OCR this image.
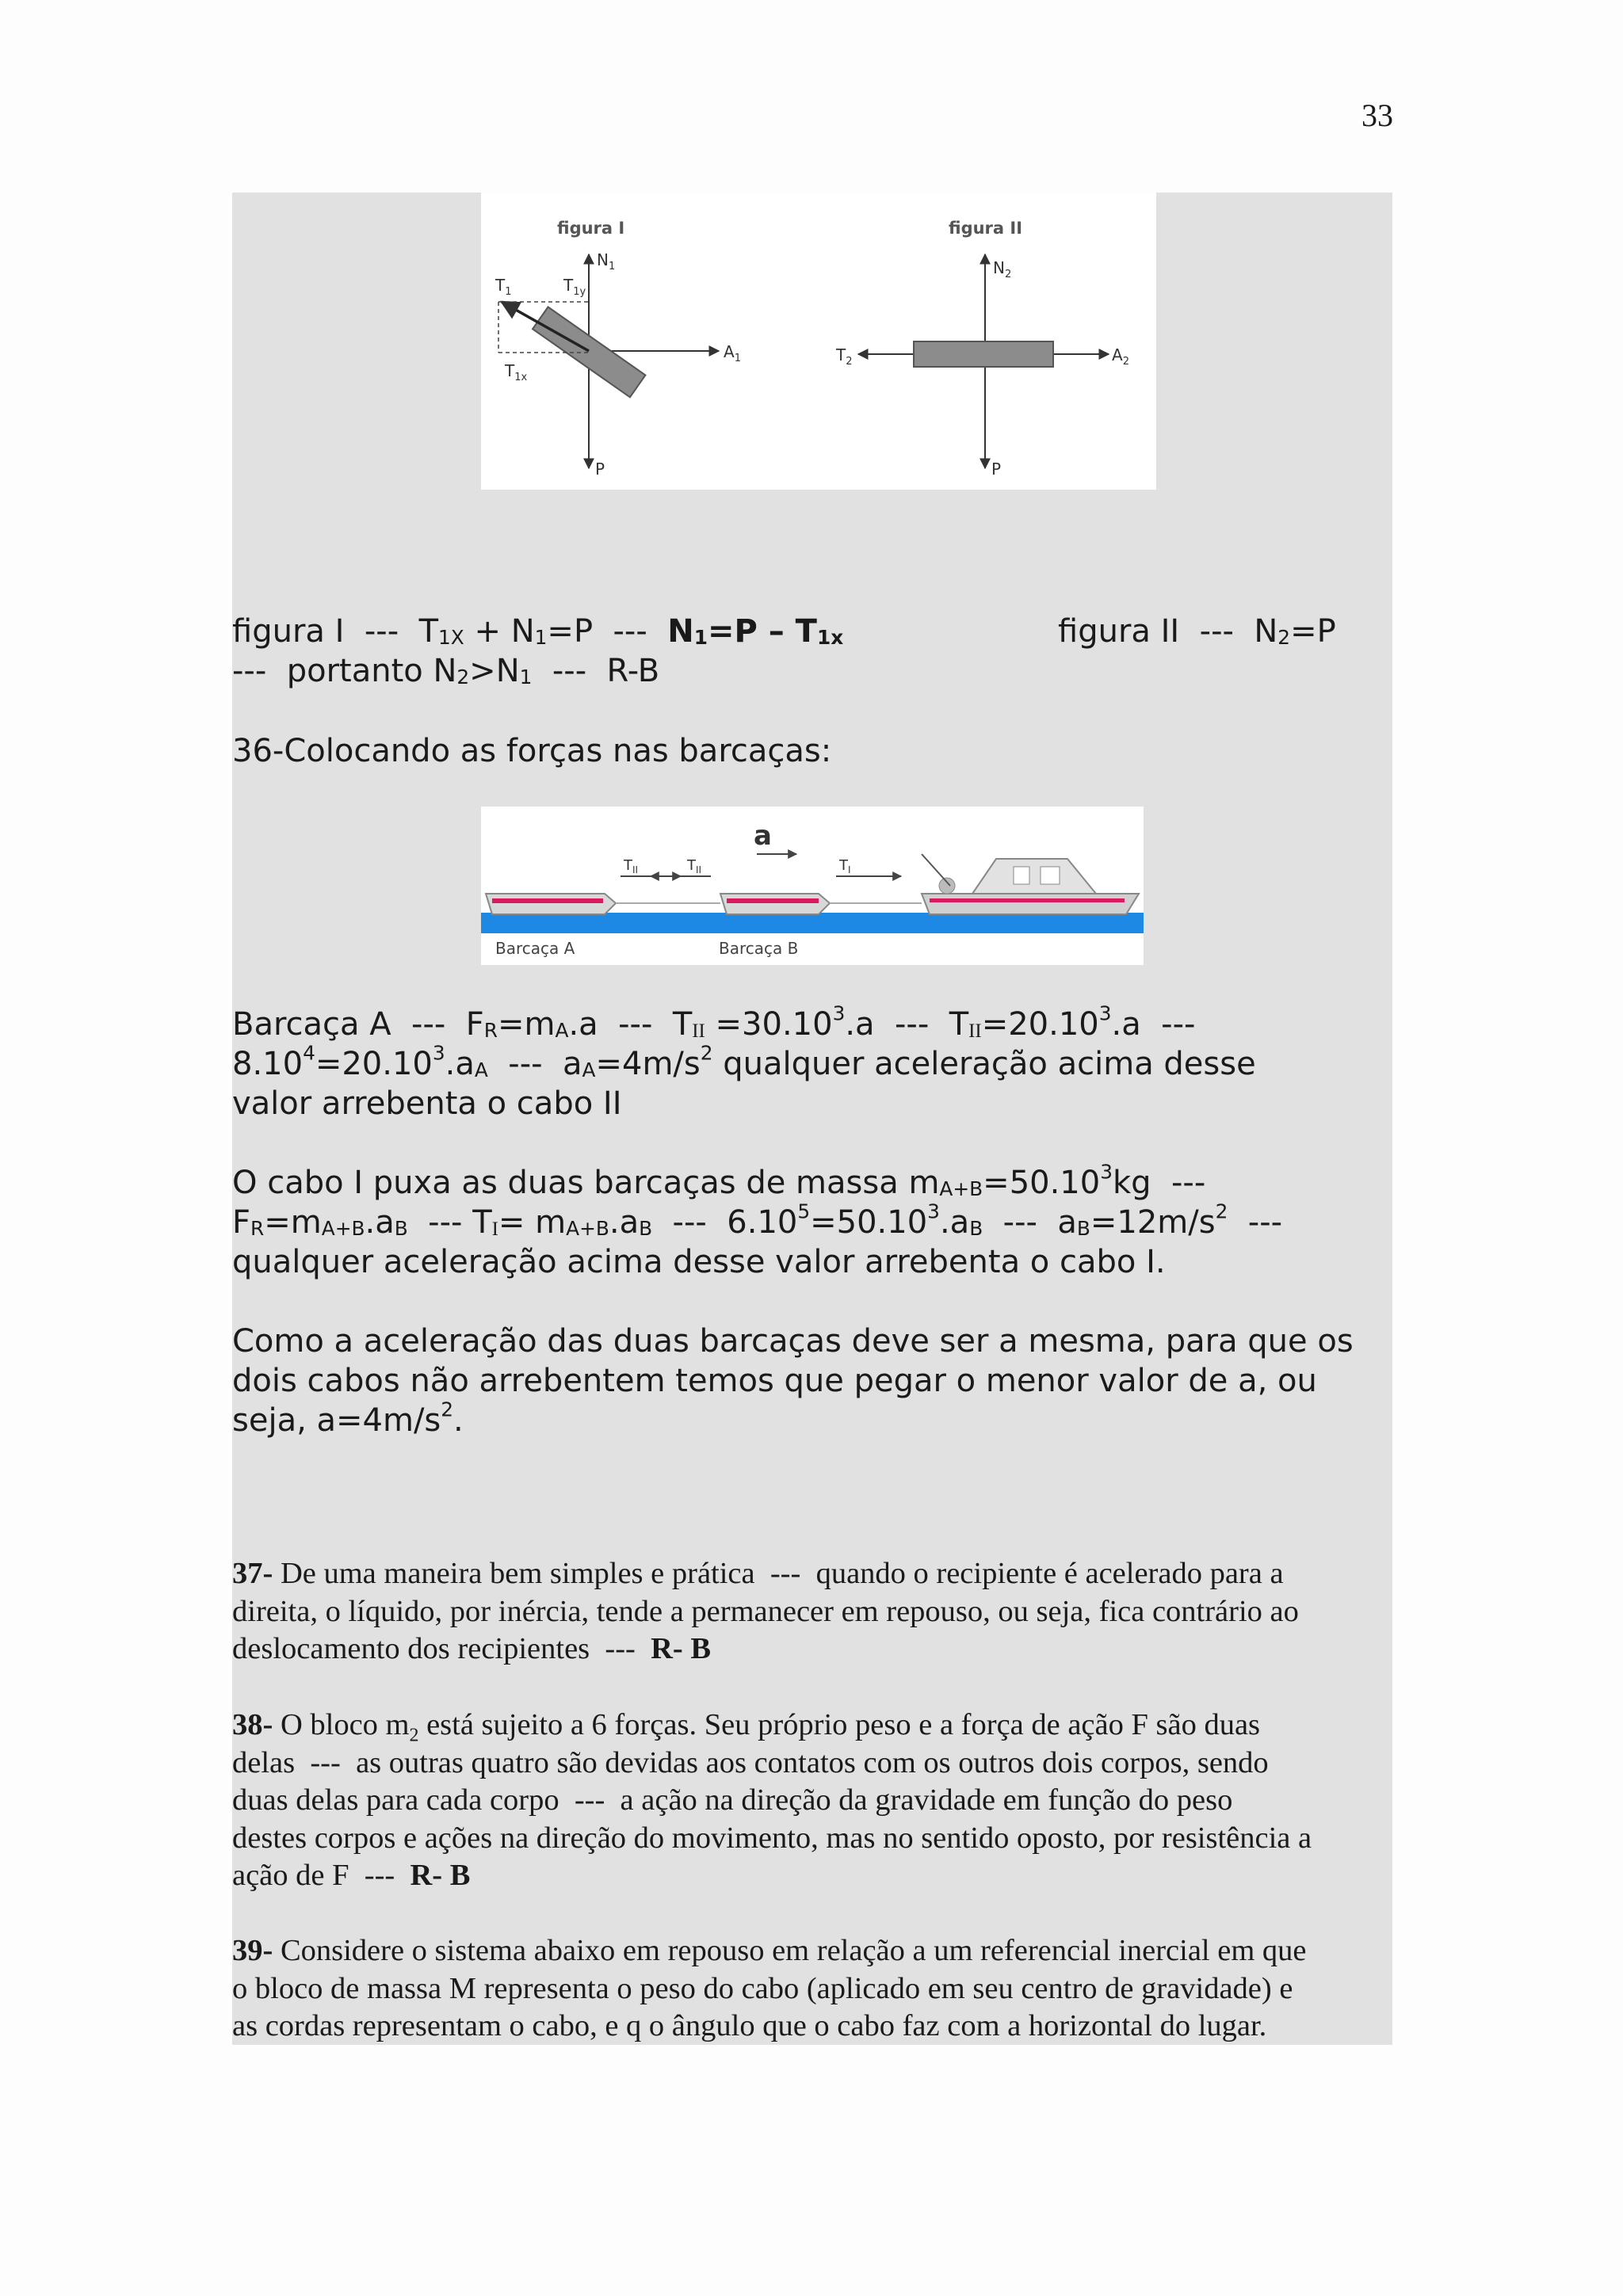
33
figura I
$T_1$	$T_{1y}$
$T_{1x}$
$N_1$
$A_1$
P
figura II
$N_2$
$T_2$	$A_2$
P
figura I  ---  $T_{1X} + N_1=P$  ---  $N_1=P - T_{1x}$	figura II  ---  $N_2=P$
---  portanto $N_2>N_1$  ---  R-B
36-Colocando as forças nas barcaças:
a
$T_{II}$	$T_{II}$	$T_I$
Barcaça A	Barcaça B
Barcaça A  ---  $F_R=m_A.a$  ---  $T_{II} =30.10^3.a$  ---  $T_{II}=20.10^3.a$  ---
$8.10^4=20.10^3.a_A$  ---  $a_A=4m/s^2$ qualquer aceleração acima desse
valor arrebenta o cabo II
O cabo I puxa as duas barcaças de massa $m_{A+B}=50.10^3kg$  ---
$F_R=m_{A+B}.a_B$  --- $T_I= m_{A+B}.a_B$  ---  $6.10^5=50.10^3.a_B$  ---  $a_B=12m/s^2$  ---
qualquer aceleração acima desse valor arrebenta o cabo I.
Como a aceleração das duas barcaças deve ser a mesma, para que os
dois cabos não arrebentem temos que pegar o menor valor de a, ou
seja, $a=4m/s^2$.
37- De uma maneira bem simples e prática  ---  quando o recipiente é acelerado para a
direita, o líquido, por inércia, tende a permanecer em repouso, ou seja, fica contrário ao
deslocamento dos recipientes  ---  R- B
38- O bloco $m_2$ está sujeito a 6 forças. Seu próprio peso e a força de ação F são duas
delas  ---  as outras quatro são devidas aos contatos com os outros dois corpos, sendo
duas delas para cada corpo  ---  a ação na direção da gravidade em função do peso
destes corpos e ações na direção do movimento, mas no sentido oposto, por resistência a
ação de F  ---  R- B
39- Considere o sistema abaixo em repouso em relação a um referencial inercial em que
o bloco de massa M representa o peso do cabo (aplicado em seu centro de gravidade) e
as cordas representam o cabo, e q o ângulo que o cabo faz com a horizontal do lugar.
